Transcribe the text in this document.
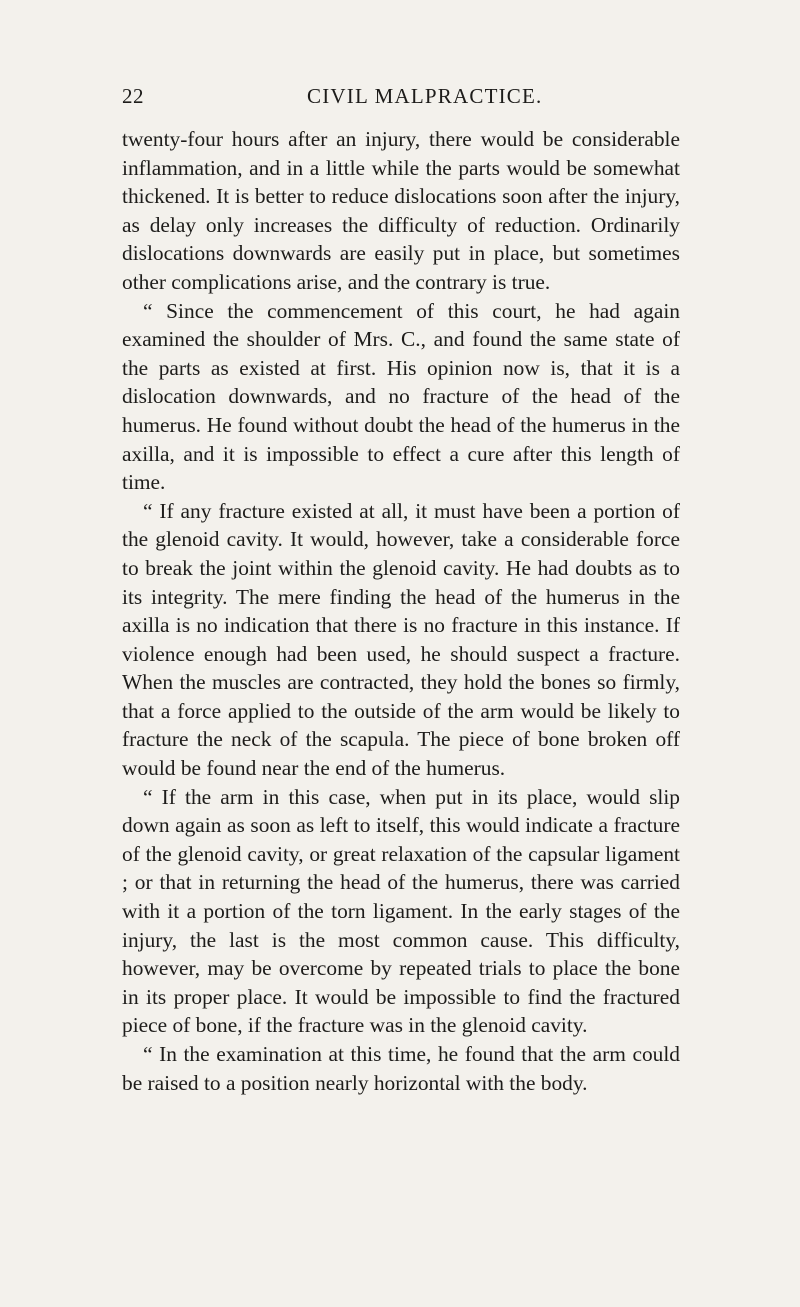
22	CIVIL MALPRACTICE.

twenty-four hours after an injury, there would be considerable inflammation, and in a little while the parts would be somewhat thickened. It is better to reduce dislocations soon after the injury, as delay only increases the difficulty of reduction. Ordinarily dislocations downwards are easily put in place, but sometimes other complications arise, and the contrary is true.

“ Since the commencement of this court, he had again examined the shoulder of Mrs. C., and found the same state of the parts as existed at first. His opinion now is, that it is a dislocation downwards, and no fracture of the head of the humerus. He found without doubt the head of the humerus in the axilla, and it is impossible to effect a cure after this length of time.

“ If any fracture existed at all, it must have been a portion of the glenoid cavity. It would, however, take a considerable force to break the joint within the glenoid cavity. He had doubts as to its integrity. The mere finding the head of the humerus in the axilla is no indication that there is no fracture in this instance. If violence enough had been used, he should suspect a fracture. When the muscles are contracted, they hold the bones so firmly, that a force applied to the outside of the arm would be likely to fracture the neck of the scapula. The piece of bone broken off would be found near the end of the humerus.

“ If the arm in this case, when put in its place, would slip down again as soon as left to itself, this would indicate a fracture of the glenoid cavity, or great relaxation of the capsular ligament ; or that in returning the head of the humerus, there was carried with it a portion of the torn ligament. In the early stages of the injury, the last is the most common cause. This difficulty, however, may be overcome by repeated trials to place the bone in its proper place. It would be impossible to find the fractured piece of bone, if the fracture was in the glenoid cavity.

“ In the examination at this time, he found that the arm could be raised to a position nearly horizontal with the body.
